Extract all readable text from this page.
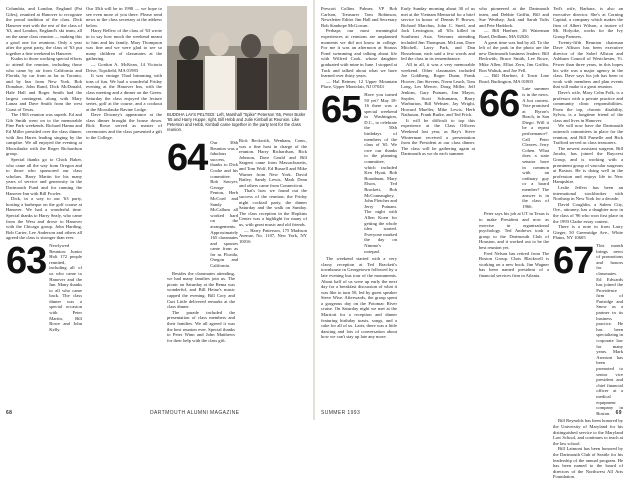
Columbia, and London, England (Pat Giles), reunited at Hanover to recognize the proud tradition of the class. Dick Hanover met with the rest of the class of '63, and London, England's ski team, all on the same class reunion — making this a good one for reunions. Only a year after the great party, the class of '63 put together a fine weekend in Hanover.

Kudos to those working special efforts to attend the reunion, including those who came by air from California and Florida, by car from as far as Toronto, and by bus from New York. Bob Donahue, John Rand, Dick McDonald, Hale Hall and Roger Smith had the largest contingent, along with Mary Lanza and Dave Smith from the west Coast of Texas.

The 1963 reunion was superb. Ed and Gib Smith went on to the memorable Pine Park weekends. Richard Hanna and Ed Miller presided over the class dinner, with Jim Harris leading singing by the campfire. We all enjoyed the evening at Moosilauke with the Roger Richardson group.

Special thanks go to Chick Baker, who came all the way from Oregon and to those who sponsored our class scholars. Barry Martin for his many years of service and generosity in the Dartmouth Fund and for running the Hanover Inn with Bill Fowler.

Dick, in a way to our '63 party, hosting a barbeque on the golf course at Hanover. We had a wonderful time. Special thanks to Harry Sealy, who came from the West and drove to Hanover with the Chicago group. John Harding, Bob Carter, Lee Anderson and others all agreed the class is stronger than ever.

63 Newlywed Reunion: Junior Holt 172 people reunited, including all of us who came to Hanover and the Inn. Many thanks to all who came back. The class dinner was a special occasion with Peter Martin, Bill Rowe and John Kelly.

Our 35th will be in 1998 — we hope to see even more of you there. Please send news to the class secretary at the address below.

Harry Bellew of the class of '63 wrote in to say how much the weekend meant to him and his family. Mary Thompson was fine and we were glad to see so many children of classmates at the gathering.

— Gordon A. McKean, 14 Victoria Drive, Topsfield, MA 01983

It was vintage Thad brimming with tons of fun. We had a wonderful Friday evening at the Hanover Inn, with the class meeting and a dinner on the Green. Saturday the class enjoyed the lecture series, golf at the course, and a cookout at the Moosilauke Ravine Lodge.

Dave Downey's appearance at the class dinner brought the house down. Rick Rowe served as master of ceremonies and the class presented a gift to the College.

BUDDHA LAYS PELTEDI: Left, Marshall "Spike" Peterson '65, Peter Butler '65 and Harry Huppe; right, Bill Hebb and Julie Kimball at Reunion. Like Peterson and Hebb, Kimball came together in the party tent for the class reunion.
64 Our 30th Reunion was a fabulous success, thanks to Dick Cooke and his committee. Bob Sawyer, George Fenton, Herb McCord and Sandy McCallum all worked hard on the arrangements. Approximately 165 classmates and spouses came from as far as Florida, Oregon and California.

Besides the classmates attending, we had many families join us. The picnic on Saturday at the Bema was wonderful, and Bill Heinz's music capped the evening. Bill Cory and Curt Little delivered remarks at the class dinner.

The parade included the presentation of class members and their families. We all agreed it was the best reunion ever. Special thanks to Peter Winn and John Matthews for their help with the class gift.

Rick Beckwith, Wenham, Conn., was a fine host in charge of the reunion. Harry Richardson, Rick Johnson, Dave Gould and Bill Sargent came from Massachusetts, and Tom Wolf, Ed Russell and Mike Warner from New York. David Bailey, Sandy Lewis, Mark Dean and others came from Connecticut.

That's how we found out the success of the reunion; the Friday night cocktail party, the dinner Saturday and the walk on Sunday. The class reception in the Hopkins Center was a highlight for many of us, with great music and old friends.

— Harry Patterson, 175 Madison Avenue, No. 1107, New York, NY 10016

68	DARTMOUTH ALUMNI MAGAZINE

Prescott Collins Palmer, VP Bob Carlson, Treasurer Tom Robinson, Newsletter Editor Jim Hall and Secretary Bob Stanhope McGowan.

Perhaps our most meaningful experiences at reunions are unplanned moments we did not know in college. For me it was an afternoon at Strauss Pond swimming and talking about life with Wilfred Cook, whose daughter graduated with mine in June. I stopped at Tuck and talked about what we have learned over thirty years.

— Hal Reimer, 12 Upper Mountain Place, Upper Montclair, NJ 07043

65 Have you turned 50 yet? May 18-16 there was a special weekend in Washington, D.C., to celebrate the 50th birthdays of members of the class of '65. We owe our thanks to the planning committee, which included Ken Hyatt, Bob Boardman, Mary Elson, Ted Brackett, Bob McConnaughey, John Fletcher and Jerry Putnam. The night with Allen Koen for getting the whole idea started. Everyone marked the day on Nimmo's notepad.

The weekend started with a very classy reception at Ted Brackett's townhouse in Georgetown followed by a late evening bus tour of the monuments. About half of us were up early the next day for a breakfast discussion of what it was like to turn 50, led by guest speaker Steve Wise. Afterwards, the group spent a gorgeous day on the Potomac River cruise. On Saturday night we met at the Marriott for a reception and dinner featuring birthday toasts, songs, and a cake for all of us. Later, there was a little dancing and lots of conversation about how we can't stay up late any more.

Early Sunday morning about 30 of us met at the Vietnam Memorial for a brief service in honor of Dennis P. Brown, Richard Marchus, John C. Sneil, and Jack Lewington, all '65s killed in Southeast Asia. Veterans attending included Jim Thompson, McLean, Dave Mitchell, Larry Park, and Dan Bosselman, each said a few words and led the class in its remembrance.

All in all, it was a very memorable weekend. Other classmates included Joe Goldberg, Roger Dunn, Frank Hoover, Jim Stevens, Norm Leach, Tom Long, Les Mercer, Doug Miller, Jeff Jenkins, Gary Putnam, Jim Mayer, Snyder, Scott Schumann, Barry Warburton, Bill Webster, Jay Wright, Howard Mueller, Mike Lewis, Herb Nathason, Frank Burke, and Ted Frick.

It will be difficult to top this experience at the Class Officers Weekend last year, as Ray's Steve Winterman received a presentation from the President at our class dinner. The class will be gathering again at Dartmouth as we do each summer.

who pioneered at the Dartmouth team, and Debbie Griffin, Bill and Sue Westbay, Jack and Sarah Tufts and Pete Haddock.

— Bill Haefner, 26 Waterman Road, Dedham, MA 02026

A great time was had by all. To the left of the park in the photo are the new Dartmouth business leaders: Bill Beckwith, Bruce Smith, Lee Rowe, Mike Allen, Elliot Zern, Jim Griffin, Ron Waltuk, and Joe Fell.

— Bill Haefner, 4 Town Line Road, Burlington, MA 01803

66 Late summer is in the news. A hot contest. Vote promised at Byron's Beach, in San Diego. Will it be a repeat performance? Call Peter Cleaves. Jerry Cohen. What does a state senator have in common with an ordinary guy or a board member? The answer is in the class of 1966.

Peter says his job at UT in Texas is to make President and now as exercise in organizational psychology. Ted Andrews took a group to the Dartmouth Club of Houston, and it worked out to be the best reunion yet.

Fred Nelson has retired from The Boston Group. Chris Blackwell is working on a new book. Jim Wagner has been named president of a financial services firm in Atlanta.

Ted's wife, Barbara, is also an executive director. She's at Corning Capital, a company which makes the firm of Albert Wilson, a trustee of Mt. Holyoke, works for the Ivy Group Partners.

Twenty-fifth Reunion chairman Dave Allison has been executive director of the Sobel Allston and Ashburn Council of Westchester, Vt. Fewer than three years, in this hopes his wife was a major agency in the class. Dave says his job has been to work with members and plan events that will make it a great reunion.

Dave's wife, Mary Cohn Folk, is a professor with a private practice and community clinic responsibilities. From the top, chronic disability, Sylvia, is a longtime friend of the class and lives in Hanover.

We will now have the Dartmouth outreach committees in place for the reunion, and Bill Parnelle and Rick Trafford served as class treasurers.

The newest assistant surgeon, Bill Jacobs, has joined the Baycrest Group, and is working with a prominent group of vascular surgeons at Boston. He is doing well in the profession and enjoys life in New Hampshire.

Leslie Jeffers has been an international stockbroker with Northrup in New York for a decade.

David Coughlin, a Salem City, Ore., attorney, has a daughter now in the class of '96 who won first place in the 1993 Clarke essay contest.

There is a note in from Larry Gieger, 50 Greenridge Ave., White Plains, NY 10605

67 This month brings news of promotions and honors for classmates. Ed Edwards has joined the Providence firm of Partridge and Snow as a partner in its business practice. He has been specializing in corporate law for many years. Mark Aronson has been promoted to senior vice president and chief financial officer at a medical equipment company in Boston.

Bill Reynolds has been honored by the University of Maryland for his distinguished service to the Maryland Law School, and continues to teach at the law school.

Bill Laimont has been honored by the Dartmouth Club of Seattle for his leadership of the annual program. He has been named to the board of directors of the Northwest All Arts Foundation.

SUMMER 1993	69
